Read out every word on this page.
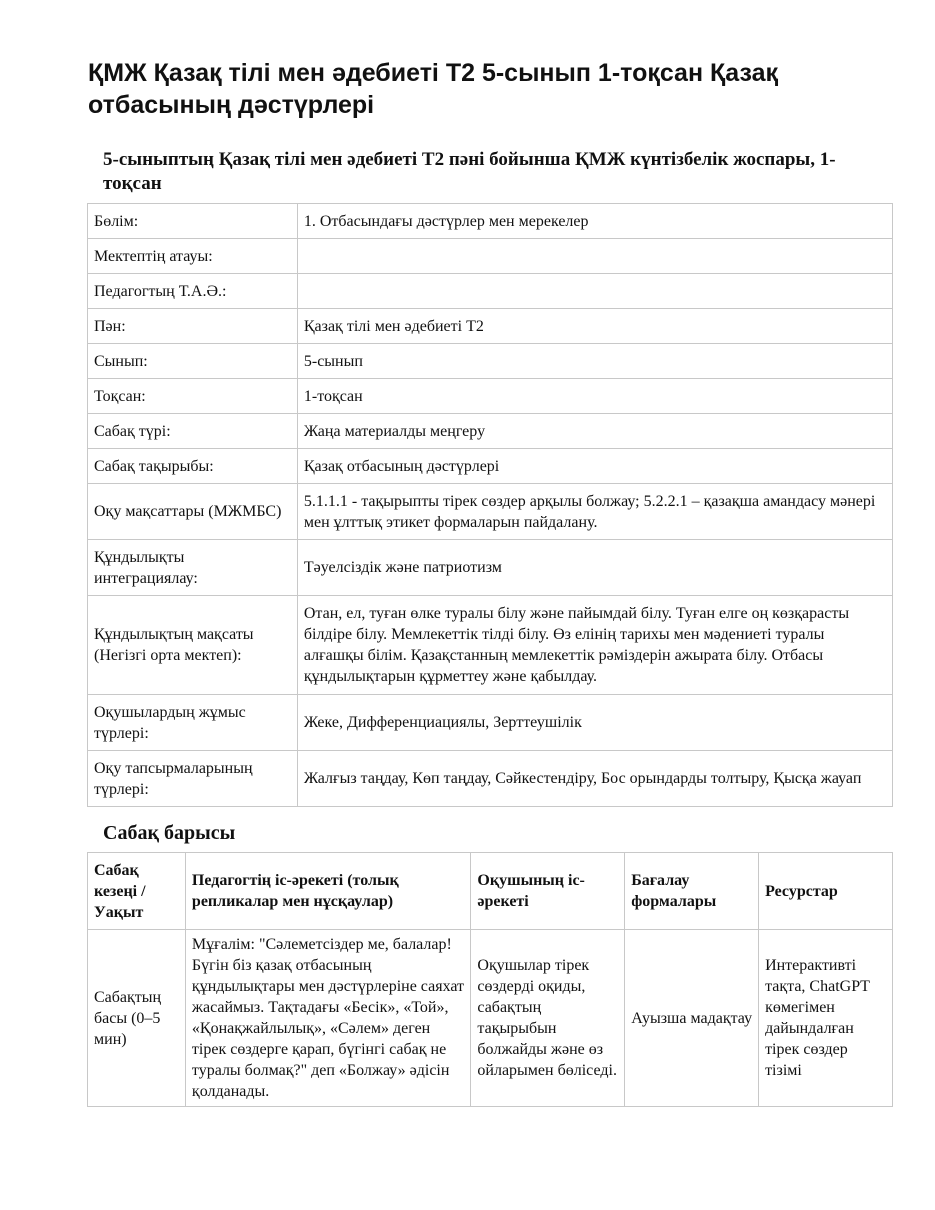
ҚМЖ Қазақ тілі мен әдебиеті Т2 5-сынып 1-тоқсан Қазақ отбасының дәстүрлері
5-сыныптың Қазақ тілі мен әдебиеті Т2 пәні бойынша ҚМЖ күнтізбелік жоспары, 1-тоқсан
Бөлім:	1. Отбасындағы дәстүрлер мен мерекелер
Мектептің атауы:	
Педагогтың Т.А.Ә.:	
Пән:	Қазақ тілі мен әдебиеті Т2
Сынып:	5-сынып
Тоқсан:	1-тоқсан
Сабақ түрі:	Жаңа материалды меңгеру
Сабақ тақырыбы:	Қазақ отбасының дәстүрлері
Оқу мақсаттары (МЖМБС)	5.1.1.1 - тақырыпты тірек сөздер арқылы болжау; 5.2.2.1 – қазақша амандасу мәнері мен ұлттық этикет формаларын пайдалану.
Құндылықты интеграциялау:	Тәуелсіздік және патриотизм
Құндылықтың мақсаты (Негізгі орта мектеп):	Отан, ел, туған өлке туралы білу және пайымдай білу. Туған елге оң көзқарасты білдіре білу. Мемлекеттік тілді білу. Өз елінің тарихы мен мәдениеті туралы алғашқы білім. Қазақстанның мемлекеттік рәміздерін ажырата білу. Отбасы құндылықтарын құрметтеу және қабылдау.
Оқушылардың жұмыс түрлері:	Жеке, Дифференциациялы, Зерттеушілік
Оқу тапсырмаларының түрлері:	Жалғыз таңдау, Көп таңдау, Сәйкестендіру, Бос орындарды толтыру, Қысқа жауап
Сабақ барысы
Сабақ кезеңі / Уақыт	Педагогтің іс-әрекеті (толық репликалар мен нұсқаулар)	Оқушының іс-әрекеті	Бағалау формалары	Ресурстар
Сабақтың басы (0–5 мин)	Мұғалім: "Сәлеметсіздер ме, балалар! Бүгін біз қазақ отбасының құндылықтары мен дәстүрлеріне саяхат жасаймыз. Тақтадағы «Бесік», «Той», «Қонақжайлылық», «Сәлем» деген тірек сөздерге қарап, бүгінгі сабақ не туралы болмақ?" деп «Болжау» әдісін қолданады.	Оқушылар тірек сөздерді оқиды, сабақтың тақырыбын болжайды және өз ойларымен бөліседі.	Ауызша мадақтау	Интерактивті тақта, ChatGPT көмегімен дайындалған тірек сөздер тізімі
